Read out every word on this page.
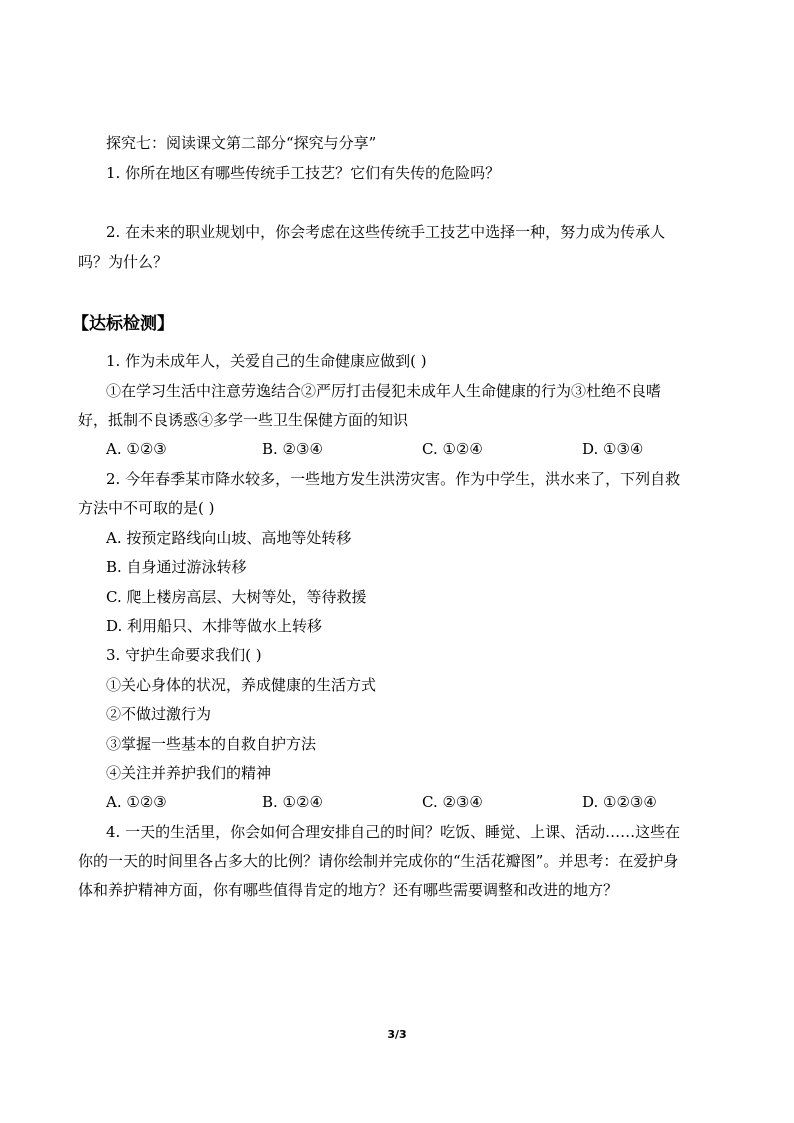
探究七：阅读课文第二部分“探究与分享”
1. 你所在地区有哪些传统手工技艺？它们有失传的危险吗？
2. 在未来的职业规划中，你会考虑在这些传统手工技艺中选择一种，努力成为传承人
吗？为什么？
【达标检测】
1. 作为未成年人，关爱自己的生命健康应做到( )
①在学习生活中注意劳逸结合②严厉打击侵犯未成年人生命健康的行为③杜绝不良嗜
好，抵制不良诱惑④多学一些卫生保健方面的知识
A. ①②③	B. ②③④	C. ①②④	D. ①③④
2. 今年春季某市降水较多，一些地方发生洪涝灾害。作为中学生，洪水来了，下列自救
方法中不可取的是( )
A. 按预定路线向山坡、高地等处转移
B. 自身通过游泳转移
C. 爬上楼房高层、大树等处，等待救援
D. 利用船只、木排等做水上转移
3. 守护生命要求我们( )
①关心身体的状况，养成健康的生活方式
②不做过激行为
③掌握一些基本的自救自护方法
④关注并养护我们的精神
A. ①②③	B. ①②④	C. ②③④	D. ①②③④
4. 一天的生活里，你会如何合理安排自己的时间？吃饭、睡觉、上课、活动……这些在
你的一天的时间里各占多大的比例？请你绘制并完成你的“生活花瓣图”。并思考：在爱护身
体和养护精神方面，你有哪些值得肯定的地方？还有哪些需要调整和改进的地方？
3/3
